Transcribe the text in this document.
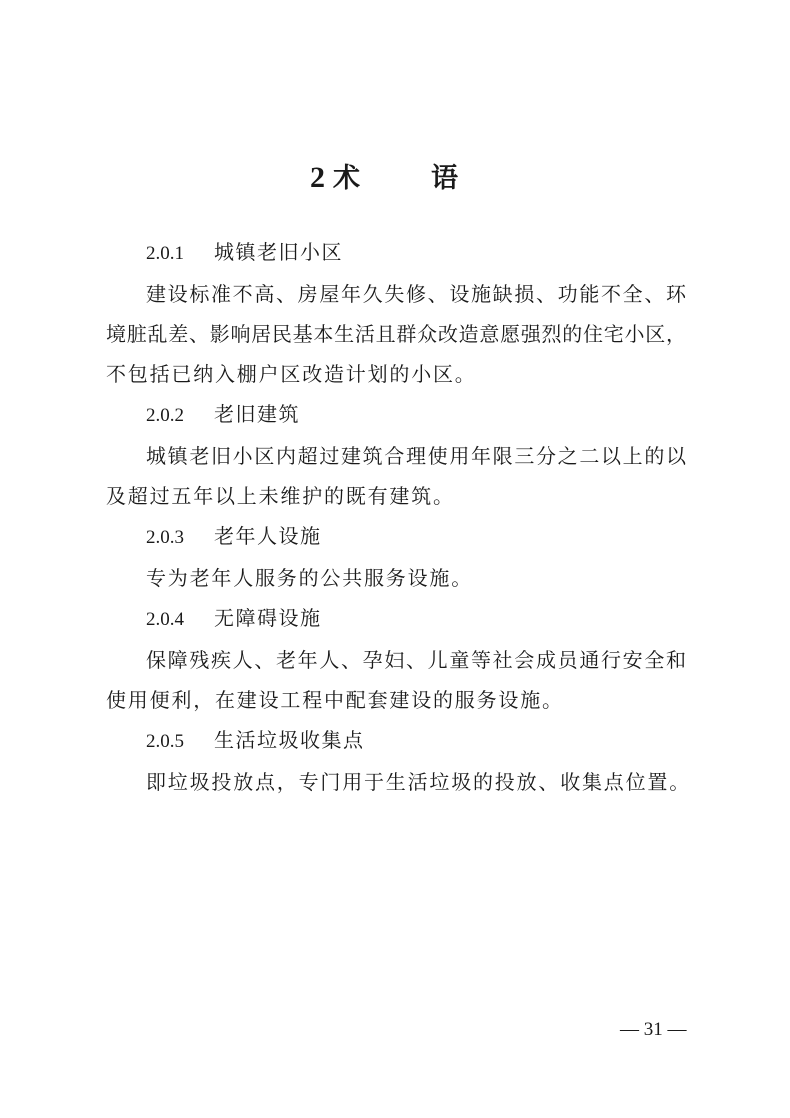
2 术　语
2.0.1 城镇老旧小区
建设标准不高、房屋年久失修、设施缺损、功能不全、环
境脏乱差、影响居民基本生活且群众改造意愿强烈的住宅小区，
不包括已纳入棚户区改造计划的小区。
2.0.2 老旧建筑
城镇老旧小区内超过建筑合理使用年限三分之二以上的以
及超过五年以上未维护的既有建筑。
2.0.3 老年人设施
专为老年人服务的公共服务设施。
2.0.4 无障碍设施
保障残疾人、老年人、孕妇、儿童等社会成员通行安全和
使用便利，在建设工程中配套建设的服务设施。
2.0.5 生活垃圾收集点
即垃圾投放点，专门用于生活垃圾的投放、收集点位置。
— 31 —
